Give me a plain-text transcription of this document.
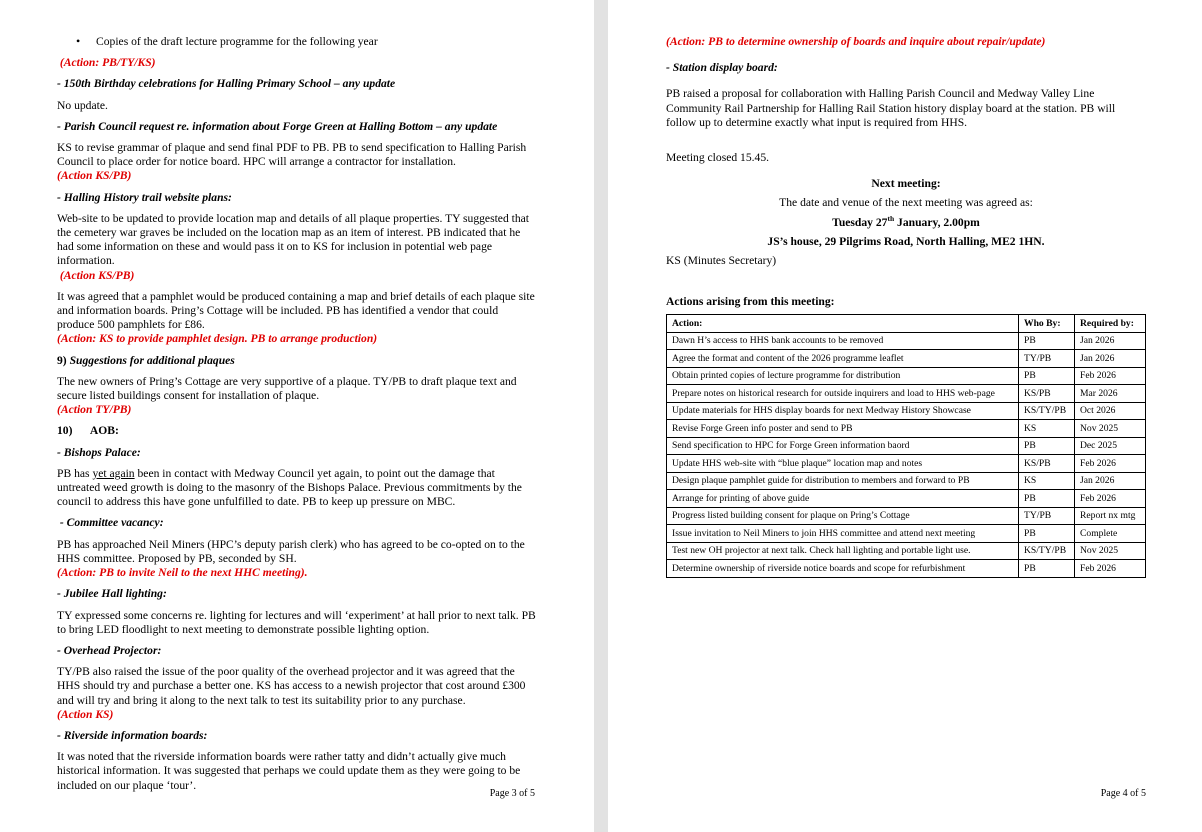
• Copies of the draft lecture programme for the following year
(Action: PB/TY/KS)
- 150th Birthday celebrations for Halling Primary School – any update
No update.
- Parish Council request re. information about Forge Green at Halling Bottom – any update
KS to revise grammar of plaque and send final PDF to PB. PB to send specification to Halling Parish Council to place order for notice board. HPC will arrange a contractor for installation.
(Action KS/PB)
- Halling History trail website plans:
Web-site to be updated to provide location map and details of all plaque properties. TY suggested that the cemetery war graves be included on the location map as an item of interest. PB indicated that he had some information on these and would pass it on to KS for inclusion in potential web page information.
(Action KS/PB)
It was agreed that a pamphlet would be produced containing a map and brief details of each plaque site and information boards. Pring’s Cottage will be included. PB has identified a vendor that could produce 500 pamphlets for £86.
(Action: KS to provide pamphlet design. PB to arrange production)
9) Suggestions for additional plaques
The new owners of Pring’s Cottage are very supportive of a plaque. TY/PB to draft plaque text and secure listed buildings consent for installation of plaque.
(Action TY/PB)
10)      AOB:
- Bishops Palace:
PB has yet again been in contact with Medway Council yet again, to point out the damage that untreated weed growth is doing to the masonry of the Bishops Palace. Previous commitments by the council to address this have gone unfulfilled to date. PB to keep up pressure on MBC.
- Committee vacancy:
PB has approached Neil Miners (HPC’s deputy parish clerk) who has agreed to be co-opted on to the HHS committee. Proposed by PB, seconded by SH.
(Action: PB to invite Neil to the next HHC meeting).
- Jubilee Hall lighting:
TY expressed some concerns re. lighting for lectures and will ‘experiment’ at hall prior to next talk. PB to bring LED floodlight to next meeting to demonstrate possible lighting option.
- Overhead Projector:
TY/PB also raised the issue of the poor quality of the overhead projector and it was agreed that the HHS should try and purchase a better one. KS has access to a newish projector that cost around £300 and will try and bring it along to the next talk to test its suitability prior to any purchase.
(Action KS)
- Riverside information boards:
It was noted that the riverside information boards were rather tatty and didn’t actually give much historical information. It was suggested that perhaps we could update them as they were going to be included on our plaque ‘tour’.
Page 3 of 5
(Action: PB to determine ownership of boards and inquire about repair/update)
- Station display board:
PB raised a proposal for collaboration with Halling Parish Council and Medway Valley Line Community Rail Partnership for Halling Rail Station history display board at the station. PB will follow up to determine exactly what input is required from HHS.
Meeting closed 15.45.
Next meeting:
The date and venue of the next meeting was agreed as:
Tuesday 27th January, 2.00pm
JS’s house, 29 Pilgrims Road, North Halling, ME2 1HN.
KS (Minutes Secretary)
Actions arising from this meeting:
Action:	Who By:	Required by:
Dawn H’s access to HHS bank accounts to be removed	PB	Jan 2026
Agree the format and content of the 2026 programme leaflet	TY/PB	Jan 2026
Obtain printed copies of lecture programme for distribution	PB	Feb 2026
Prepare notes on historical research for outside inquirers and load to HHS web-page	KS/PB	Mar 2026
Update materials for HHS display boards for next Medway History Showcase	KS/TY/PB	Oct 2026
Revise Forge Green info poster and send to PB	KS	Nov 2025
Send specification to HPC for Forge Green information baord	PB	Dec 2025
Update HHS web-site with “blue plaque” location map and notes	KS/PB	Feb 2026
Design plaque pamphlet guide for distribution to members and forward to PB	KS	Jan 2026
Arrange for printing of above guide	PB	Feb 2026
Progress listed building consent for plaque on Pring’s Cottage	TY/PB	Report nx mtg
Issue invitation to Neil Miners to join HHS committee and attend next meeting	PB	Complete
Test new OH projector at next talk. Check hall lighting and portable light use.	KS/TY/PB	Nov 2025
Determine ownership of riverside notice boards and scope for refurbishment	PB	Feb 2026
Page 4 of 5
